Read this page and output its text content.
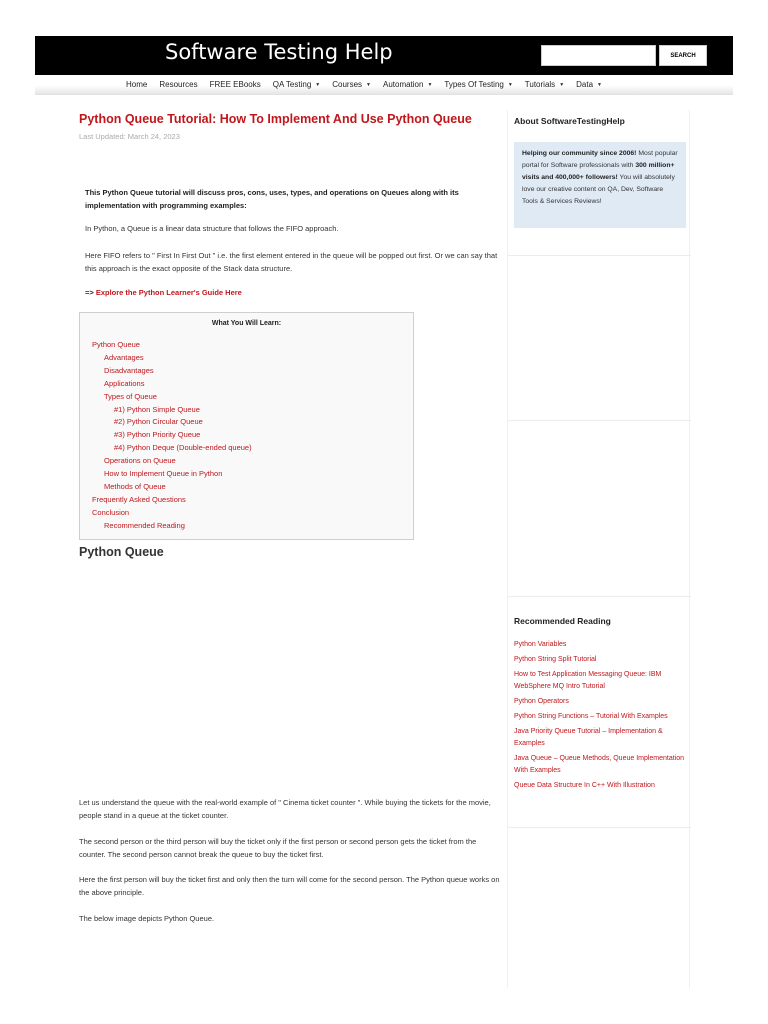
Software Testing Help	SEARCH
Home Resources FREE EBooks QA Testing ▼ Courses ▼ Automation ▼ Types Of Testing ▼ Tutorials ▼ Data ▼
Python Queue Tutorial: How To Implement And Use Python Queue
Last Updated: March 24, 2023
This Python Queue tutorial will discuss pros, cons, uses, types, and operations on Queues along with its implementation with programming examples:
In Python, a Queue is a linear data structure that follows the FIFO approach.
Here FIFO refers to " First In First Out " i.e. the first element entered in the queue will be popped out first. Or we can say that this approach is the exact opposite of the Stack data structure.
=> Explore the Python Learner's Guide Here
What You Will Learn:
Python Queue
Advantages
Disadvantages
Applications
Types of Queue
#1) Python Simple Queue
#2) Python Circular Queue
#3) Python Priority Queue
#4) Python Deque (Double-ended queue)
Operations on Queue
How to Implement Queue in Python
Methods of Queue
Frequently Asked Questions
Conclusion
Recommended Reading
Python Queue
Let us understand the queue with the real-world example of " Cinema ticket counter ". While buying the tickets for the movie, people stand in a queue at the ticket counter.
The second person or the third person will buy the ticket only if the first person or second person gets the ticket from the counter. The second person cannot break the queue to buy the ticket first.
Here the first person will buy the ticket first and only then the turn will come for the second person. The Python queue works on the above principle.
The below image depicts Python Queue.
About SoftwareTestingHelp
Helping our community since 2006! Most popular portal for Software professionals with 300 million+ visits and 400,000+ followers! You will absolutely love our creative content on QA, Dev, Software Tools & Services Reviews!
Recommended Reading
Python Variables
Python String Split Tutorial
How to Test Application Messaging Queue: IBM WebSphere MQ Intro Tutorial
Python Operators
Python String Functions – Tutorial With Examples
Java Priority Queue Tutorial – Implementation & Examples
Java Queue – Queue Methods, Queue Implementation With Examples
Queue Data Structure In C++ With Illustration
